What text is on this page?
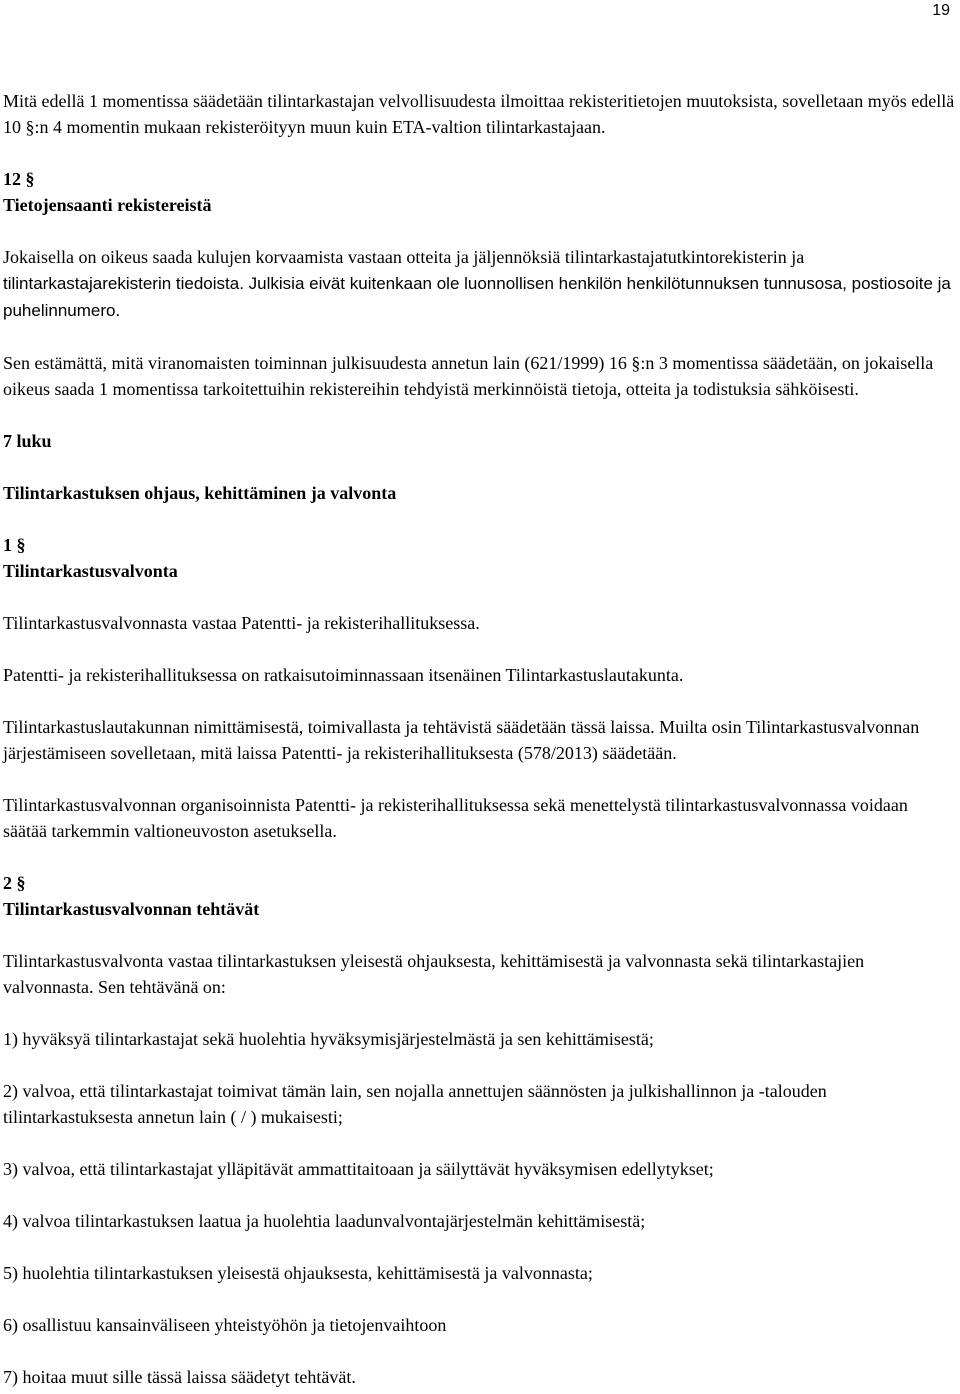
19

Mitä edellä 1 momentissa säädetään tilintarkastajan velvollisuudesta ilmoittaa rekisteritietojen muutoksista, sovelletaan myös edellä 10 §:n 4 momentin mukaan rekisteröityyn muun kuin ETA-valtion tilintarkastajaan.

12 §
Tietojensaanti rekistereistä

Jokaisella on oikeus saada kulujen korvaamista vastaan otteita ja jäljennöksiä tilintarkastajatutkintorekisterin ja tilintarkastajarekisterin tiedoista. Julkisia eivät kuitenkaan ole luonnollisen henkilön henkilötunnuksen tunnusosa, postiosoite ja puhelinnumero.

Sen estämättä, mitä viranomaisten toiminnan julkisuudesta annetun lain (621/1999) 16 §:n 3 momentissa säädetään, on jokaisella oikeus saada 1 momentissa tarkoitettuihin rekistereihin tehdyistä merkinnöistä tietoja, otteita ja todistuksia sähköisesti.

7 luku

Tilintarkastuksen ohjaus, kehittäminen ja valvonta

1 §
Tilintarkastusvalvonta

Tilintarkastusvalvonnasta vastaa Patentti- ja rekisterihallituksessa.

Patentti- ja rekisterihallituksessa on ratkaisutoiminnassaan itsenäinen Tilintarkastuslautakunta.

Tilintarkastuslautakunnan nimittämisestä, toimivallasta ja tehtävistä säädetään tässä laissa. Muilta osin Tilintarkastusvalvonnan järjestämiseen sovelletaan, mitä laissa Patentti- ja rekisterihallituksesta (578/2013) säädetään.

Tilintarkastusvalvonnan organisoinnista Patentti- ja rekisterihallituksessa sekä menettelystä tilintarkastusvalvonnassa voidaan säätää tarkemmin valtioneuvoston asetuksella.

2 §
Tilintarkastusvalvonnan tehtävät

Tilintarkastusvalvonta vastaa tilintarkastuksen yleisestä ohjauksesta, kehittämisestä ja valvonnasta sekä tilintarkastajien valvonnasta. Sen tehtävänä on:

1) hyväksyä tilintarkastajat sekä huolehtia hyväksymisjärjestelmästä ja sen kehittämisestä;

2) valvoa, että tilintarkastajat toimivat tämän lain, sen nojalla annettujen säännösten ja julkishallinnon ja -talouden tilintarkastuksesta annetun lain ( / ) mukaisesti;

3) valvoa, että tilintarkastajat ylläpitävät ammattitaitoaan ja säilyttävät hyväksymisen edellytykset;

4) valvoa tilintarkastuksen laatua ja huolehtia laadunvalvontajärjestelmän kehittämisestä;

5) huolehtia tilintarkastuksen yleisestä ohjauksesta, kehittämisestä ja valvonnasta;

6) osallistuu kansainväliseen yhteistyöhön ja tietojenvaihtoon

7) hoitaa muut sille tässä laissa säädetyt tehtävät.
